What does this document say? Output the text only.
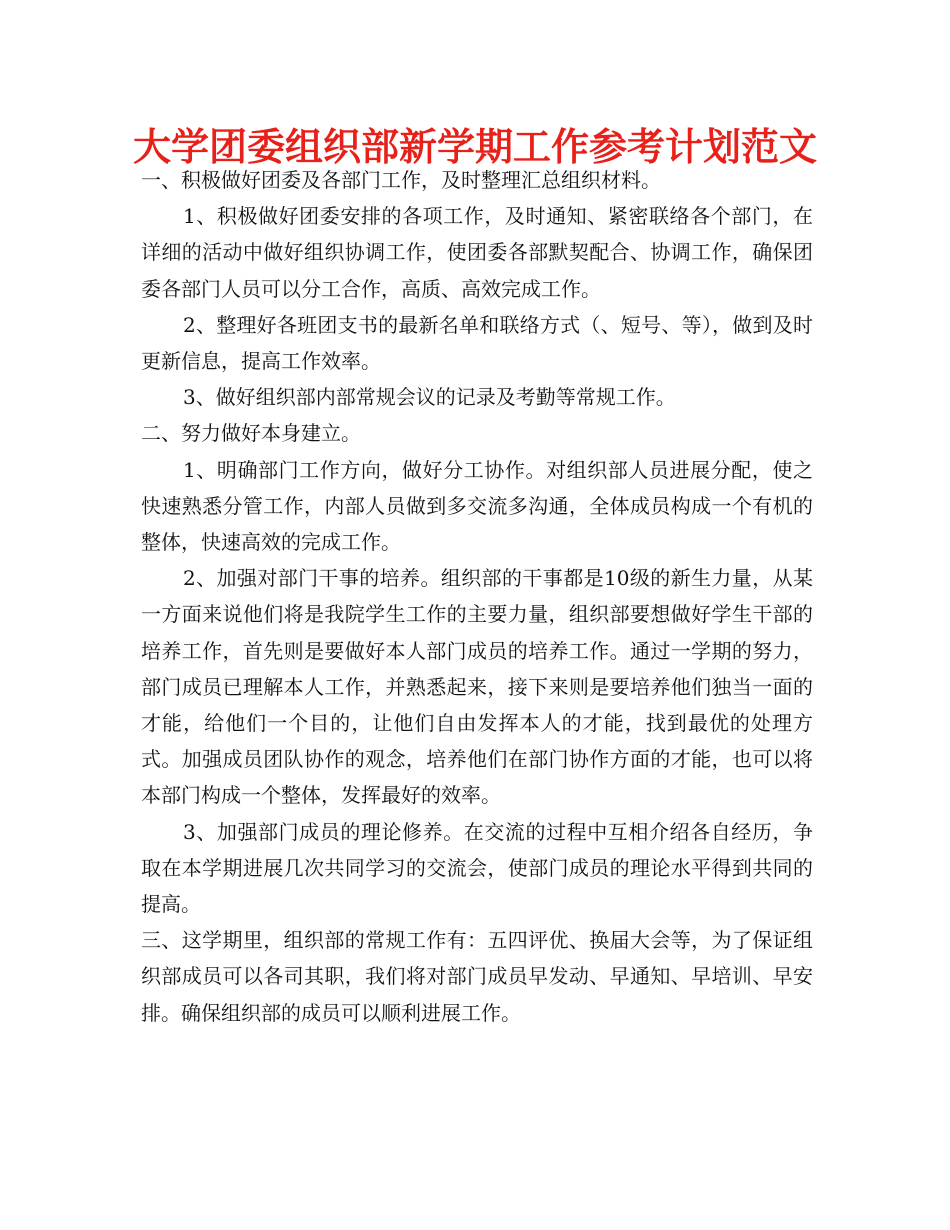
大学团委组织部新学期工作参考计划范文

一、积极做好团委及各部门工作，及时整理汇总组织材料。

1、积极做好团委安排的各项工作，及时通知、紧密联络各个部门，在详细的活动中做好组织协调工作，使团委各部默契配合、协调工作，确保团委各部门人员可以分工合作，高质、高效完成工作。

2、整理好各班团支书的最新名单和联络方式（、短号、等），做到及时更新信息，提高工作效率。

3、做好组织部内部常规会议的记录及考勤等常规工作。

二、努力做好本身建立。

1、明确部门工作方向，做好分工协作。对组织部人员进展分配，使之快速熟悉分管工作，内部人员做到多交流多沟通，全体成员构成一个有机的整体，快速高效的完成工作。

2、加强对部门干事的培养。组织部的干事都是10级的新生力量，从某一方面来说他们将是我院学生工作的主要力量，组织部要想做好学生干部的培养工作，首先则是要做好本人部门成员的培养工作。通过一学期的努力，部门成员已理解本人工作，并熟悉起来，接下来则是要培养他们独当一面的才能，给他们一个目的，让他们自由发挥本人的才能，找到最优的处理方式。加强成员团队协作的观念，培养他们在部门协作方面的才能，也可以将本部门构成一个整体，发挥最好的效率。

3、加强部门成员的理论修养。在交流的过程中互相介绍各自经历，争取在本学期进展几次共同学习的交流会，使部门成员的理论水平得到共同的提高。

三、这学期里，组织部的常规工作有：五四评优、换届大会等，为了保证组织部成员可以各司其职，我们将对部门成员早发动、早通知、早培训、早安排。确保组织部的成员可以顺利进展工作。
